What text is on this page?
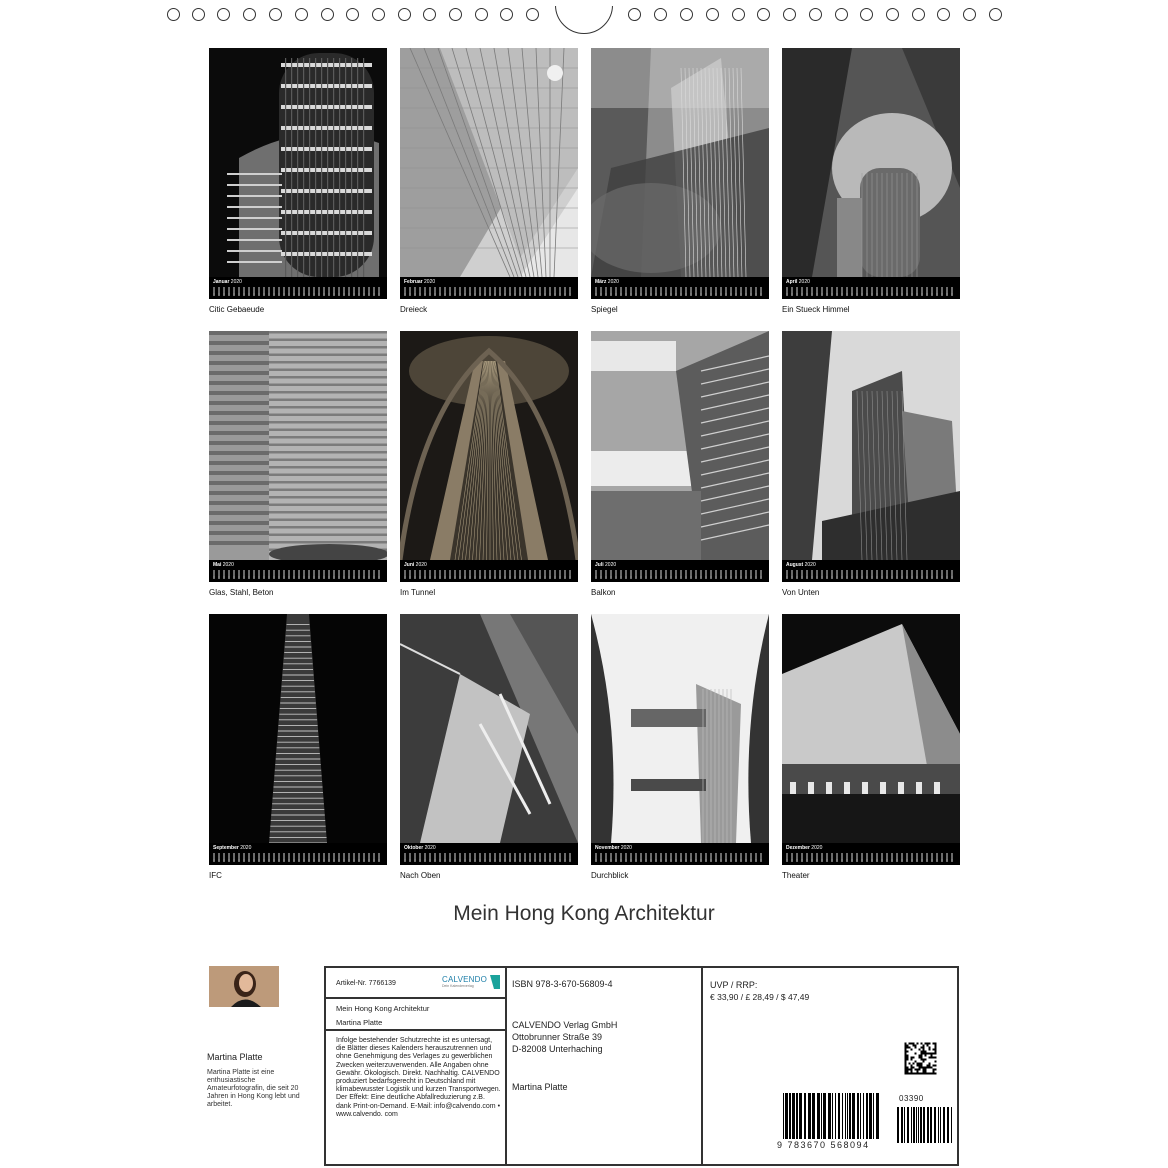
Januar 2020
Citic Gebaeude
Februar 2020
Dreieck
März 2020
Spiegel
April 2020
Ein Stueck Himmel
Mai 2020
Glas, Stahl, Beton
Juni 2020
Im Tunnel
Juli 2020
Balkon
August 2020
Von Unten
September 2020
IFC
Oktober 2020
Nach Oben
November 2020
Durchblick
Dezember 2020
Theater
Mein Hong Kong Architektur
Martina Platte
Martina Platte ist eine enthusiastische Amateurfotografin, die seit 20 Jahren in Hong Kong lebt und arbeitet.
Artikel-Nr. 7766139	CALVENDO
Dein Kalenderverlag
Mein Hong Kong Architektur
Martina Platte
Infolge bestehender Schutzrechte ist es untersagt, die Blätter dieses Kalenders herauszutrennen und ohne Genehmigung des Verlages zu gewerblichen Zwecken weiterzuverwenden. Alle Angaben ohne Gewähr. Ökologisch. Direkt. Nachhaltig. CALVENDO produziert bedarfsgerecht in Deutschland mit klimabewusster Logistik und kurzen Transportwegen. Der Effekt: Eine deutliche Abfallreduzierung z.B. dank Print-on-Demand. E-Mail: info@calvendo.com • www.calvendo. com
ISBN 978-3-670-56809-4
CALVENDO Verlag GmbH
Ottobrunner Straße 39
D-82008 Unterhaching
Martina Platte
UVP / RRP:
€ 33,90 / £ 28,49 / $ 47,49
9 783670 568094
03390
